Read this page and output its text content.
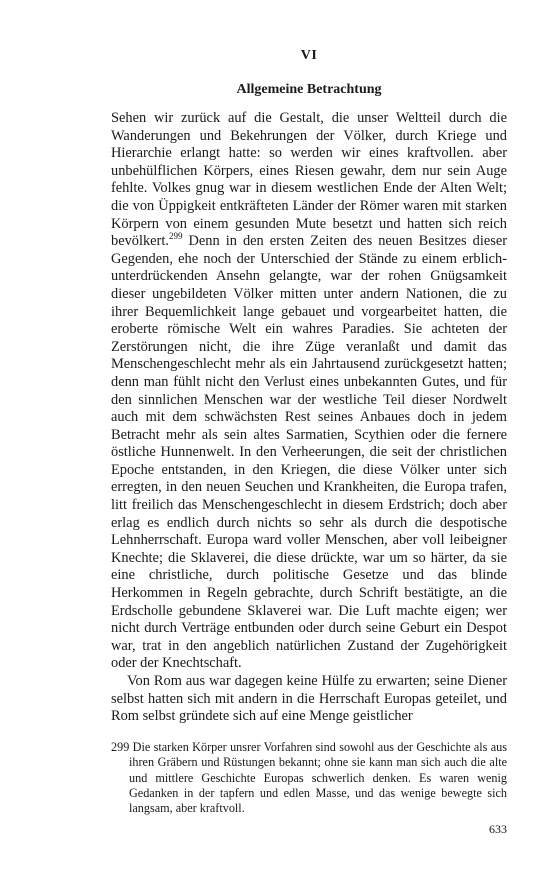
VI
Allgemeine Betrachtung

Sehen wir zurück auf die Gestalt, die unser Weltteil durch die Wanderungen und Bekehrungen der Völker, durch Kriege und Hierarchie erlangt hatte: so werden wir eines kraftvollen. aber unbehülflichen Körpers, eines Riesen gewahr, dem nur sein Auge fehlte. Volkes gnug war in diesem westlichen Ende der Alten Welt; die von Üppigkeit entkräfteten Länder der Römer waren mit starken Körpern von einem gesunden Mute besetzt und hatten sich reich bevölkert.$^{299}$ Denn in den ersten Zeiten des neuen Besitzes dieser Gegenden, ehe noch der Unterschied der Stände zu einem erblich-unterdrückenden Ansehn gelangte, war der rohen Gnügsamkeit dieser ungebildeten Völker mitten unter andern Nationen, die zu ihrer Bequemlichkeit lange gebauet und vorgearbeitet hatten, die eroberte römische Welt ein wahres Paradies. Sie achteten der Zerstörungen nicht, die ihre Züge veranlaßt und damit das Menschengeschlecht mehr als ein Jahrtausend zurückgesetzt hatten; denn man fühlt nicht den Verlust eines unbekannten Gutes, und für den sinnlichen Menschen war der westliche Teil dieser Nordwelt auch mit dem schwächsten Rest seines Anbaues doch in jedem Betracht mehr als sein altes Sarmatien, Scythien oder die fernere östliche Hunnenwelt. In den Verheerungen, die seit der christlichen Epoche entstanden, in den Kriegen, die diese Völker unter sich erregten, in den neuen Seuchen und Krankheiten, die Europa trafen, litt freilich das Menschengeschlecht in diesem Erdstrich; doch aber erlag es endlich durch nichts so sehr als durch die despotische Lehnherrschaft. Europa ward voller Menschen, aber voll leibeigner Knechte; die Sklaverei, die diese drückte, war um so härter, da sie eine christliche, durch politische Gesetze und das blinde Herkommen in Regeln gebrachte, durch Schrift bestätigte, an die Erdscholle gebundene Sklaverei war. Die Luft machte eigen; wer nicht durch Verträge entbunden oder durch seine Geburt ein Despot war, trat in den angeblich natürlichen Zustand der Zugehörigkeit oder der Knechtschaft.

Von Rom aus war dagegen keine Hülfe zu erwarten; seine Diener selbst hatten sich mit andern in die Herrschaft Europas geteilet, und Rom selbst gründete sich auf eine Menge geistlicher

299 Die starken Körper unsrer Vorfahren sind sowohl aus der Geschichte als aus ihren Gräbern und Rüstungen bekannt; ohne sie kann man sich auch die alte und mittlere Geschichte Europas schwerlich denken. Es waren wenig Gedanken in der tapfern und edlen Masse, und das wenige bewegte sich langsam, aber kraftvoll.
633
